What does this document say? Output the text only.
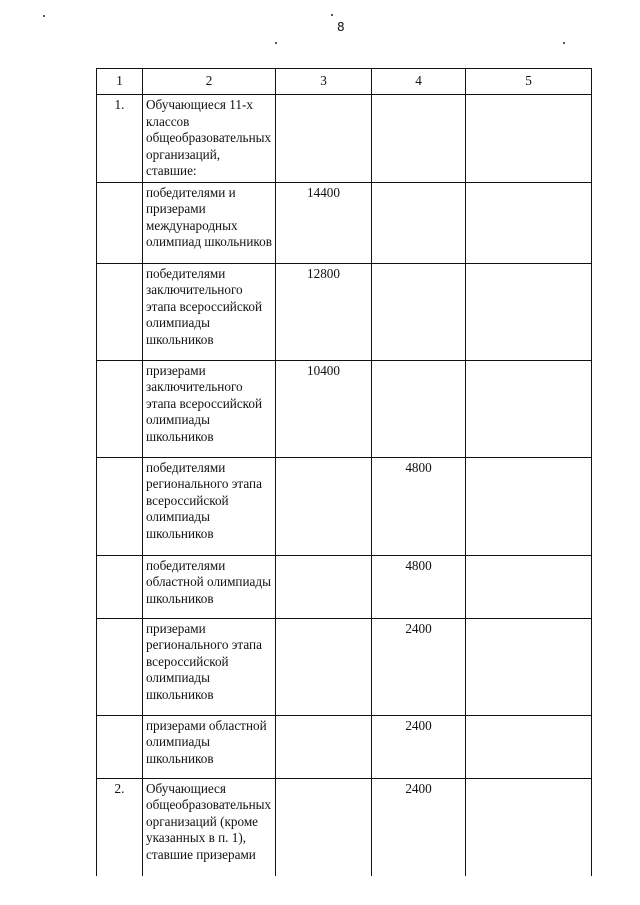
8
1	2	3	4	5
1.	Обучающиеся 11-х классов общеобразовательных организаций, ставшие:			
	победителями и призерами международных олимпиад школьников	14400		
	победителями заключительного этапа всероссийской олимпиады школьников	12800		
	призерами заключительного этапа всероссийской олимпиады школьников	10400		
	победителями регионального этапа всероссийской олимпиады школьников		4800	
	победителями областной олимпиады школьников		4800	
	призерами регионального этапа всероссийской олимпиады школьников		2400	
	призерами областной олимпиады школьников		2400	
2.	Обучающиеся общеобразовательных организаций (кроме указанных в п. 1), ставшие призерами		2400	
